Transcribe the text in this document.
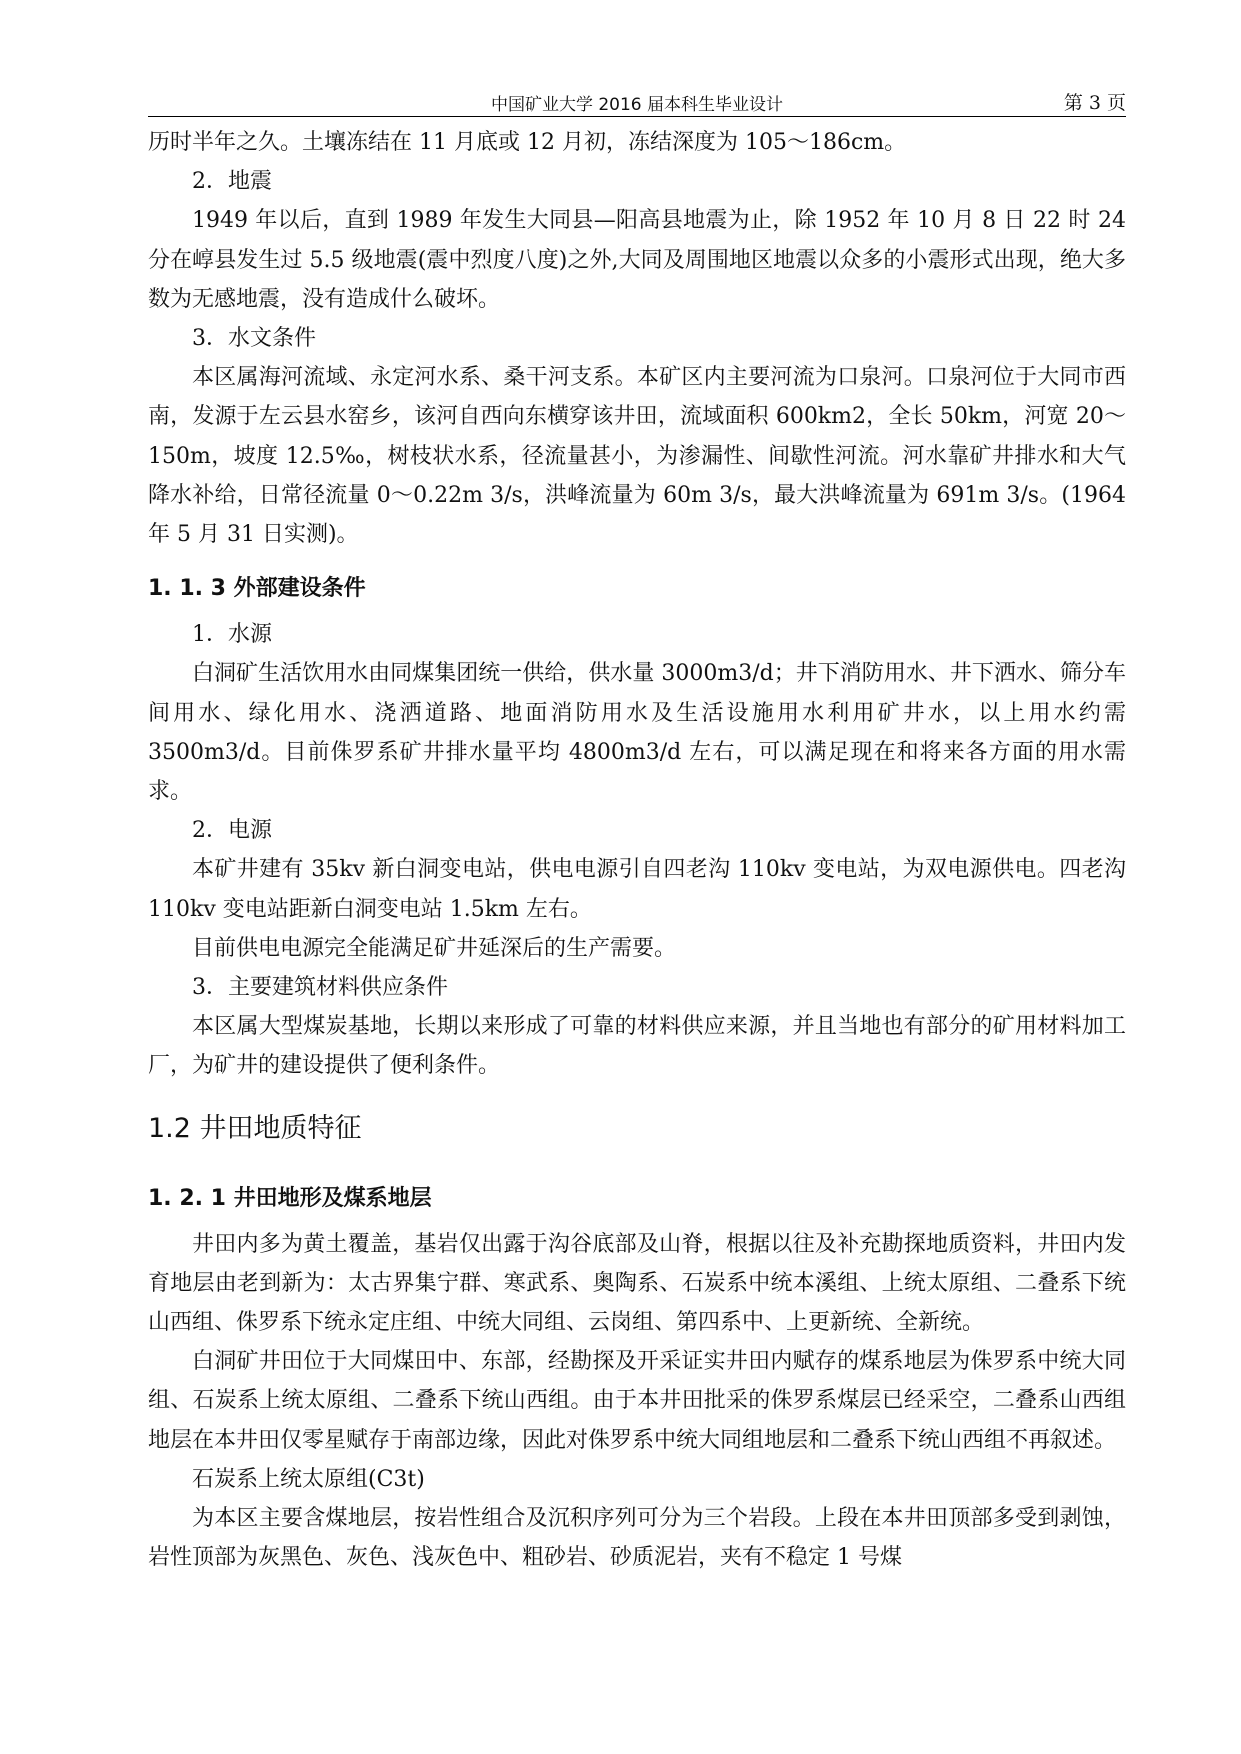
中国矿业大学 2016 届本科生毕业设计	第 3 页

历时半年之久。土壤冻结在 11 月底或 12 月初，冻结深度为 105～186cm。

2．地震

1949 年以后，直到 1989 年发生大同县—阳高县地震为止，除 1952 年 10 月 8 日 22 时 24 分在崞县发生过 5.5 级地震(震中烈度八度)之外,大同及周围地区地震以众多的小震形式出现，绝大多数为无感地震，没有造成什么破坏。

3．水文条件

本区属海河流域、永定河水系、桑干河支系。本矿区内主要河流为口泉河。口泉河位于大同市西南，发源于左云县水窑乡，该河自西向东横穿该井田，流域面积 600km2，全长 50km，河宽 20～150m，坡度 12.5‰，树枝状水系，径流量甚小，为渗漏性、间歇性河流。河水靠矿井排水和大气降水补给，日常径流量 0～0.22m 3/s，洪峰流量为 60m 3/s，最大洪峰流量为 691m 3/s。(1964 年 5 月 31 日实测)。

1. 1. 3 外部建设条件

1．水源

白洞矿生活饮用水由同煤集团统一供给，供水量 3000m3/d；井下消防用水、井下洒水、筛分车间用水、绿化用水、浇洒道路、地面消防用水及生活设施用水利用矿井水，以上用水约需 3500m3/d。目前侏罗系矿井排水量平均 4800m3/d 左右，可以满足现在和将来各方面的用水需求。

2．电源

本矿井建有 35kv 新白洞变电站，供电电源引自四老沟 110kv 变电站，为双电源供电。四老沟 110kv 变电站距新白洞变电站 1.5km 左右。

目前供电电源完全能满足矿井延深后的生产需要。

3．主要建筑材料供应条件

本区属大型煤炭基地，长期以来形成了可靠的材料供应来源，并且当地也有部分的矿用材料加工厂，为矿井的建设提供了便利条件。

1.2 井田地质特征
1. 2. 1 井田地形及煤系地层

井田内多为黄土覆盖，基岩仅出露于沟谷底部及山脊，根据以往及补充勘探地质资料，井田内发育地层由老到新为：太古界集宁群、寒武系、奥陶系、石炭系中统本溪组、上统太原组、二叠系下统山西组、侏罗系下统永定庄组、中统大同组、云岗组、第四系中、上更新统、全新统。

白洞矿井田位于大同煤田中、东部，经勘探及开采证实井田内赋存的煤系地层为侏罗系中统大同组、石炭系上统太原组、二叠系下统山西组。由于本井田批采的侏罗系煤层已经采空，二叠系山西组地层在本井田仅零星赋存于南部边缘，因此对侏罗系中统大同组地层和二叠系下统山西组不再叙述。

石炭系上统太原组(C3t)

为本区主要含煤地层，按岩性组合及沉积序列可分为三个岩段。上段在本井田顶部多受到剥蚀，岩性顶部为灰黑色、灰色、浅灰色中、粗砂岩、砂质泥岩，夹有不稳定 1 号煤
